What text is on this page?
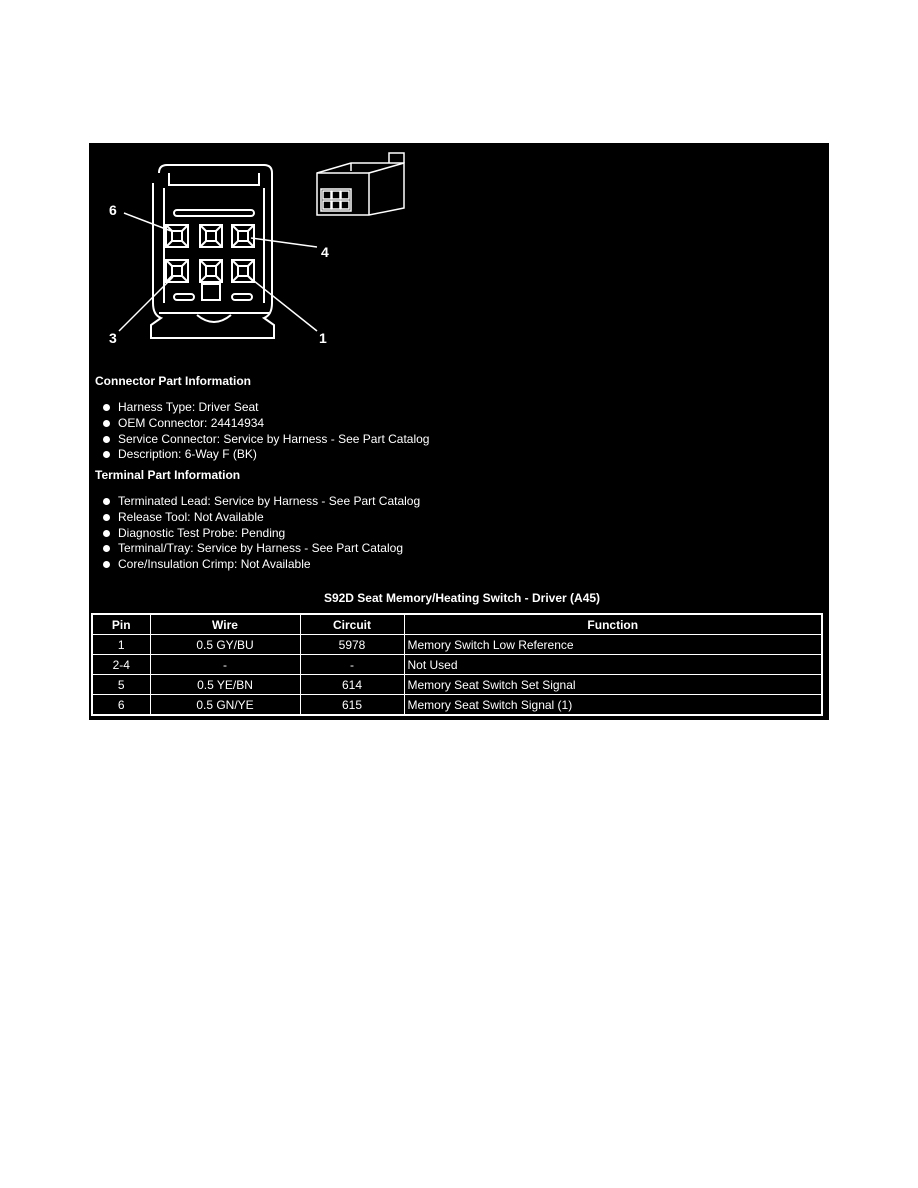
6
4
3	1
Connector Part Information
Harness Type: Driver Seat
OEM Connector: 24414934
Service Connector: Service by Harness - See Part Catalog
Description: 6-Way F (BK)
Terminal Part Information
Terminated Lead: Service by Harness - See Part Catalog
Release Tool: Not Available
Diagnostic Test Probe: Pending
Terminal/Tray: Service by Harness - See Part Catalog
Core/Insulation Crimp: Not Available
S92D Seat Memory/Heating Switch - Driver (A45)
Pin	Wire	Circuit	Function
1	0.5 GY/BU	5978	Memory Switch Low Reference
2-4	-	-	Not Used
5	0.5 YE/BN	614	Memory Seat Switch Set Signal
6	0.5 GN/YE	615	Memory Seat Switch Signal (1)
